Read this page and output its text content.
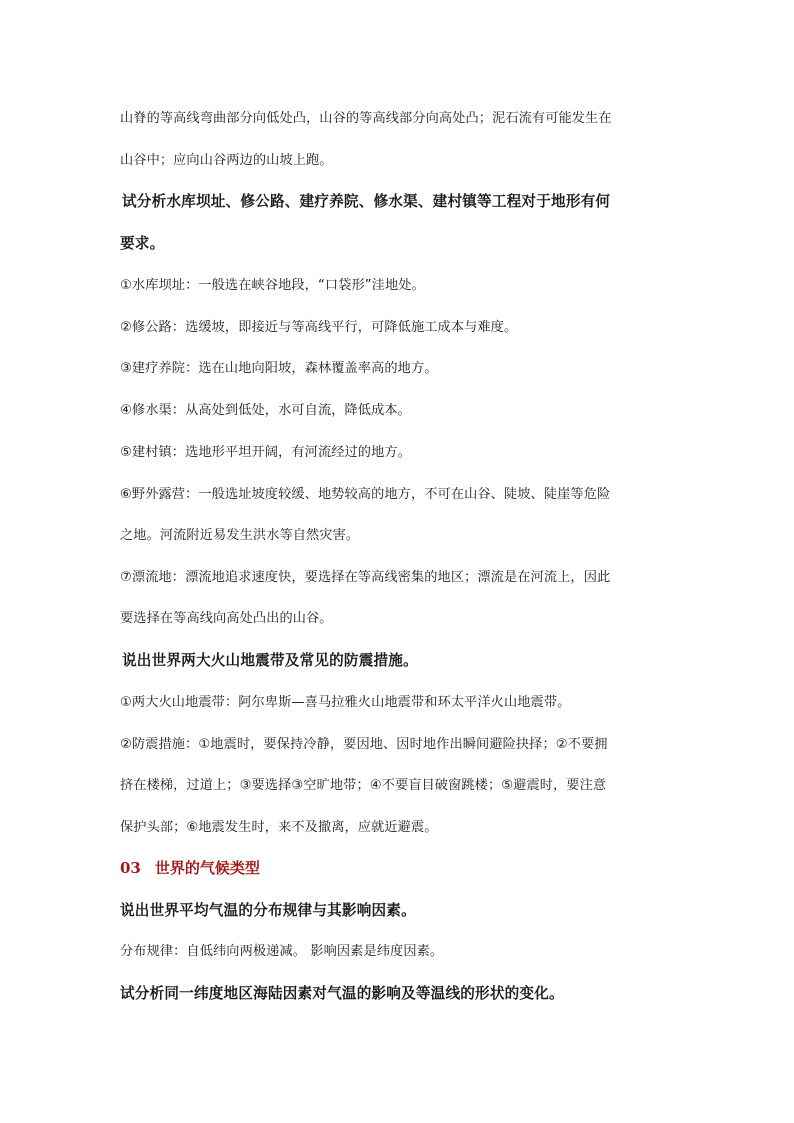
山脊的等高线弯曲部分向低处凸，山谷的等高线部分向高处凸；泥石流有可能发生在
山谷中；应向山谷两边的山坡上跑。
试分析水库坝址、修公路、建疗养院、修水渠、建村镇等工程对于地形有何
要求。
①水库坝址：一般选在峡谷地段，“口袋形”洼地处。
②修公路：选缓坡，即接近与等高线平行，可降低施工成本与难度。
③建疗养院：选在山地向阳坡，森林覆盖率高的地方。
④修水渠：从高处到低处，水可自流，降低成本。
⑤建村镇：选地形平坦开阔，有河流经过的地方。
⑥野外露营：一般选址坡度较缓、地势较高的地方，不可在山谷、陡坡、陡崖等危险
之地。河流附近易发生洪水等自然灾害。
⑦漂流地：漂流地追求速度快，要选择在等高线密集的地区；漂流是在河流上，因此
要选择在等高线向高处凸出的山谷。
说出世界两大火山地震带及常见的防震措施。
①两大火山地震带：阿尔卑斯—喜马拉雅火山地震带和环太平洋火山地震带。
②防震措施：①地震时，要保持冷静，要因地、因时地作出瞬间避险抉择；②不要拥
挤在楼梯，过道上；③要选择③空旷地带；④不要盲目破窗跳楼；⑤避震时，要注意
保护头部；⑥地震发生时，来不及撤离，应就近避震。
03 世界的气候类型
说出世界平均气温的分布规律与其影响因素。
分布规律：自低纬向两极递减。 影响因素是纬度因素。
试分析同一纬度地区海陆因素对气温的影响及等温线的形状的变化。
